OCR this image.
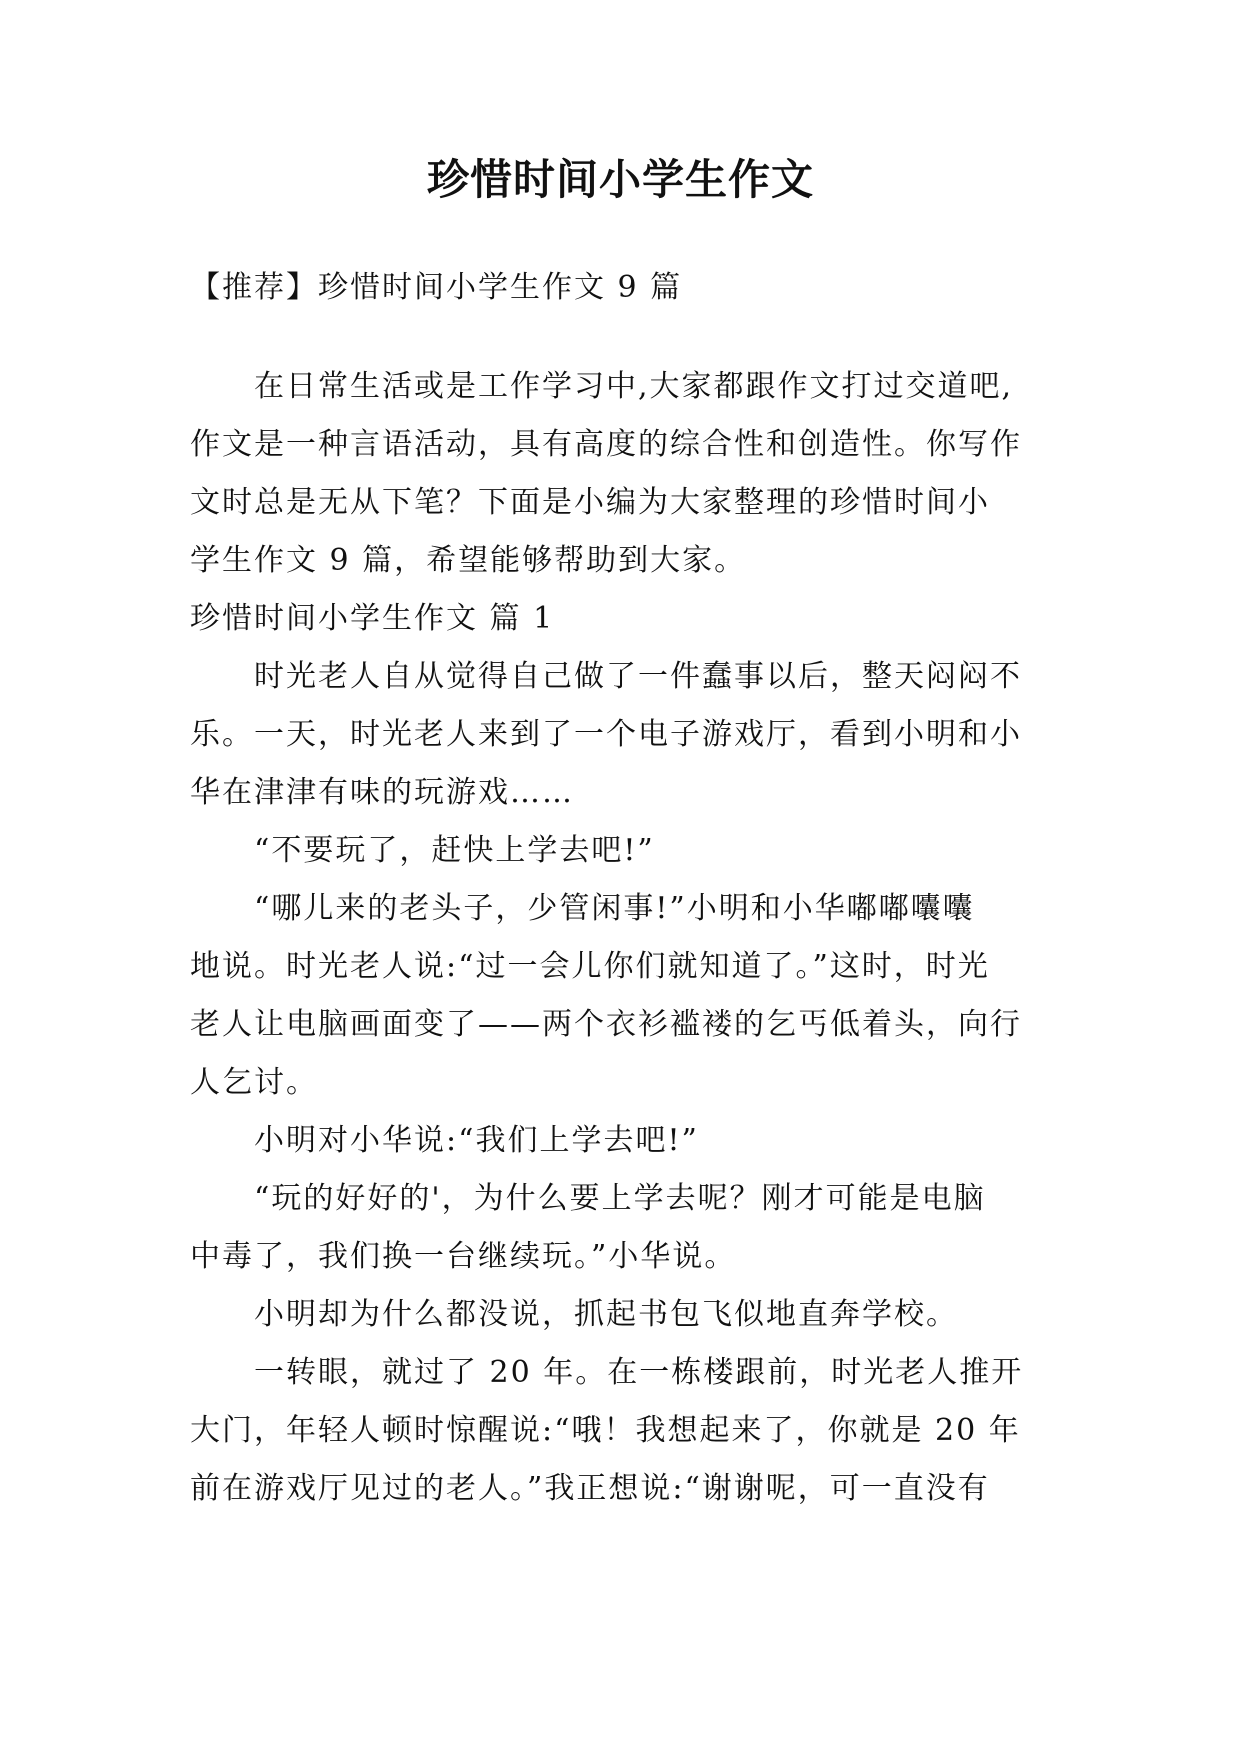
珍惜时间小学生作文
【推荐】珍惜时间小学生作文 9 篇
在日常生活或是工作学习中,大家都跟作文打过交道吧,
作文是一种言语活动，具有高度的综合性和创造性。你写作
文时总是无从下笔？下面是小编为大家整理的珍惜时间小
学生作文 9 篇，希望能够帮助到大家。
珍惜时间小学生作文 篇 1
时光老人自从觉得自己做了一件蠢事以后，整天闷闷不
乐。一天，时光老人来到了一个电子游戏厅，看到小明和小
华在津津有味的玩游戏……
“不要玩了，赶快上学去吧!”
“哪儿来的老头子，少管闲事!”小明和小华嘟嘟囔囔
地说。时光老人说:“过一会儿你们就知道了。”这时，时光
老人让电脑画面变了——两个衣衫褴褛的乞丐低着头，向行
人乞讨。
小明对小华说:“我们上学去吧!”
“玩的好好的'，为什么要上学去呢？刚才可能是电脑
中毒了，我们换一台继续玩。”小华说。
小明却为什么都没说，抓起书包飞似地直奔学校。
一转眼，就过了 20 年。在一栋楼跟前，时光老人推开
大门，年轻人顿时惊醒说:“哦！我想起来了，你就是 20 年
前在游戏厅见过的老人。”我正想说:“谢谢呢，可一直没有
